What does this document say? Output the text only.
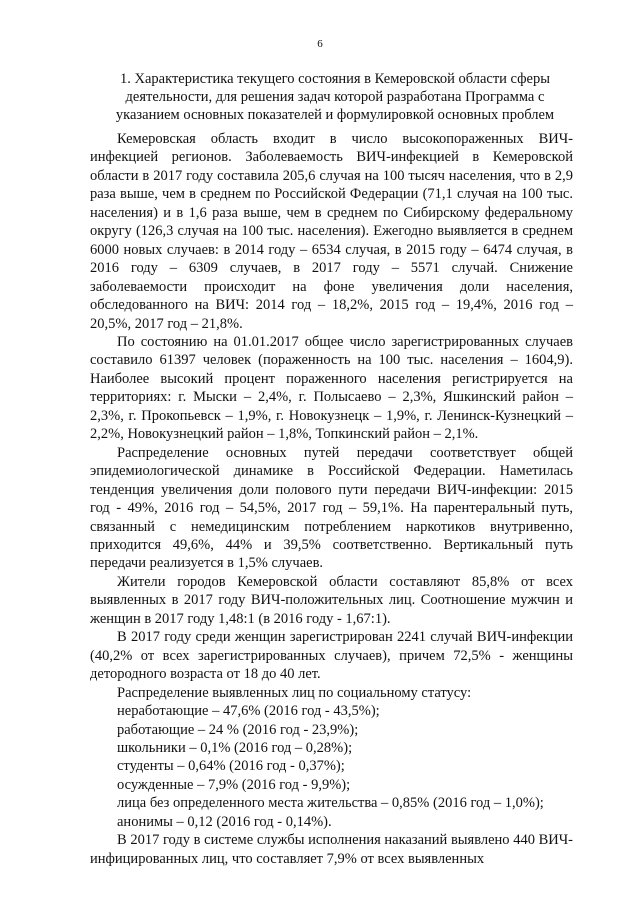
6
1. Характеристика текущего состояния в Кемеровской области сферы деятельности, для решения задач которой разработана Программа с указанием основных показателей и формулировкой основных проблем

Кемеровская область входит в число высокопораженных ВИЧ-инфекцией регионов. Заболеваемость ВИЧ-инфекцией в Кемеровской области в 2017 году составила 205,6 случая на 100 тысяч населения, что в 2,9 раза выше, чем в среднем по Российской Федерации (71,1 случая на 100 тыс. населения) и в 1,6 раза выше, чем в среднем по Сибирскому федеральному округу (126,3 случая на 100 тыс. населения). Ежегодно выявляется в среднем 6000 новых случаев: в 2014 году – 6534 случая, в 2015 году – 6474 случая, в 2016 году – 6309 случаев, в 2017 году – 5571 случай. Снижение заболеваемости происходит на фоне увеличения доли населения, обследованного на ВИЧ: 2014 год – 18,2%, 2015 год – 19,4%, 2016 год – 20,5%, 2017 год – 21,8%.

По состоянию на 01.01.2017 общее число зарегистрированных случаев составило 61397 человек (пораженность на 100 тыс. населения – 1604,9). Наиболее высокий процент пораженного населения регистрируется на территориях: г. Мыски – 2,4%, г. Полысаево – 2,3%, Яшкинский район – 2,3%, г. Прокопьевск – 1,9%, г. Новокузнецк – 1,9%, г. Ленинск-Кузнецкий – 2,2%, Новокузнецкий район – 1,8%, Топкинский район – 2,1%.

Распределение основных путей передачи соответствует общей эпидемиологической динамике в Российской Федерации. Наметилась тенденция увеличения доли полового пути передачи ВИЧ-инфекции: 2015 год - 49%, 2016 год – 54,5%, 2017 год – 59,1%. На парентеральный путь, связанный с немедицинским потреблением наркотиков внутривенно, приходится 49,6%, 44% и 39,5% соответственно. Вертикальный путь передачи реализуется в 1,5% случаев.

Жители городов Кемеровской области составляют 85,8% от всех выявленных в 2017 году ВИЧ-положительных лиц. Соотношение мужчин и женщин в 2017 году 1,48:1 (в 2016 году - 1,67:1).

В 2017 году среди женщин зарегистрирован 2241 случай ВИЧ-инфекции (40,2% от всех зарегистрированных случаев), причем 72,5% - женщины детородного возраста от 18 до 40 лет.

Распределение выявленных лиц по социальному статусу:

неработающие – 47,6% (2016 год - 43,5%);

работающие – 24 % (2016 год - 23,9%);

школьники – 0,1% (2016 год – 0,28%);

студенты – 0,64% (2016 год - 0,37%);

осужденные – 7,9% (2016 год - 9,9%);

лица без определенного места жительства – 0,85% (2016 год – 1,0%);

анонимы – 0,12 (2016 год - 0,14%).

В 2017 году в системе службы исполнения наказаний выявлено 440 ВИЧ-инфицированных лиц, что составляет 7,9% от всех выявленных
